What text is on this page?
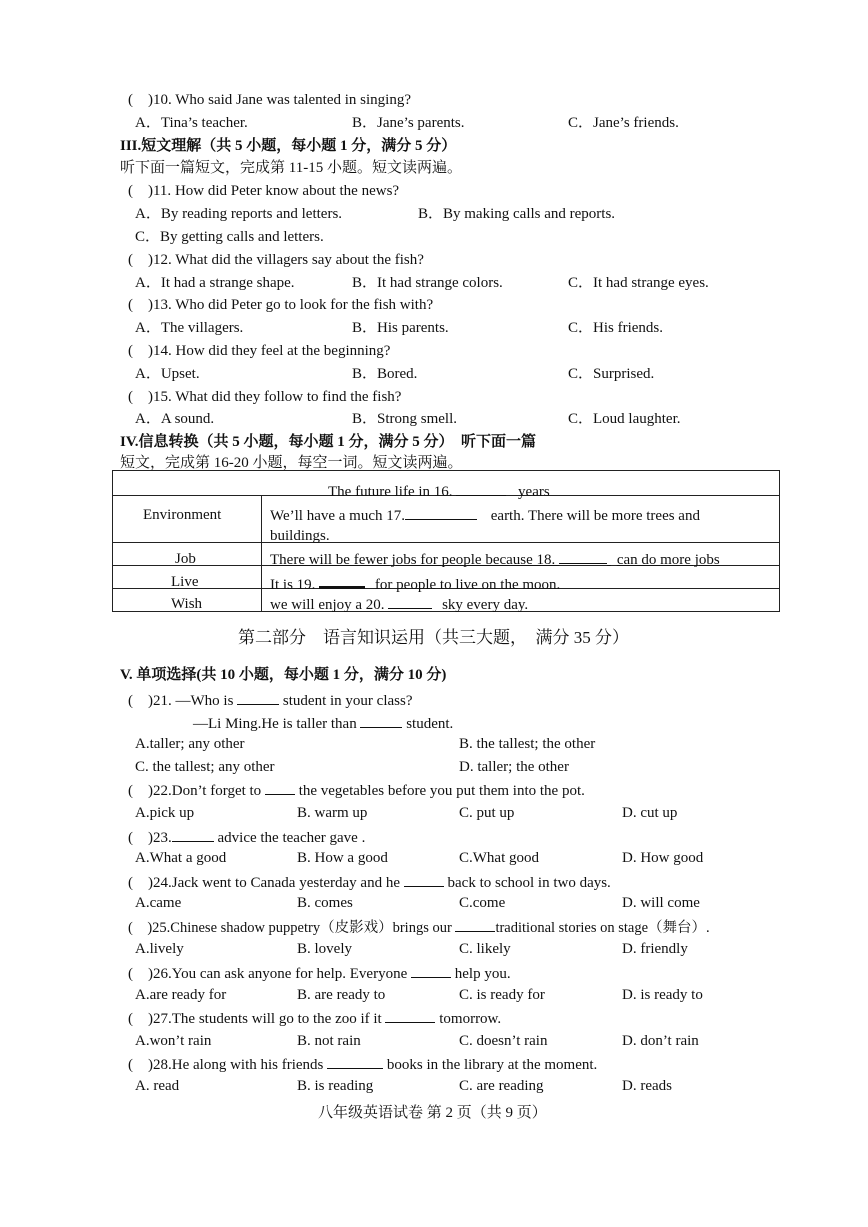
(　)10. Who said Jane was talented in singing?
A．Tina’s teacher.	B．Jane’s parents.	C．Jane’s friends.
III.短文理解（共 5 小题，每小题 1 分，满分 5 分）
听下面一篇短文，完成第 11-15 小题。短文读两遍。
(　)11. How did Peter know about the news?
A．By reading reports and letters.	B．By making calls and reports.
C．By getting calls and letters.
(　)12. What did the villagers say about the fish?
A．It had a strange shape.	B．It had strange colors.	C．It had strange eyes.
(　)13. Who did Peter go to look for the fish with?
A．The villagers.	B．His parents.	C．His friends.
(　)14. How did they feel at the beginning?
A．Upset.	B．Bored.	C．Surprised.
(　)15. What did they follow to find the fish?
A．A sound.	B．Strong smell.	C．Loud laughter.
IV.信息转换（共 5 小题，每小题 1 分，满分 5 分）　听下面一篇
短文，完成第 16-20 小题，每空一词。短文读两遍。
The future life in 16.	years
Environment	We’ll have a much 17.	earth. There will be more trees and
buildings.
Job	There will be fewer jobs for people because 18.	can do more jobs
Live	It is 19.	for people to live on the moon.
Wish	we will enjoy a 20.	sky every day.
第二部分　语言知识运用（共三大题，　满分 35 分）
V. 单项选择(共 10 小题，每小题 1 分，满分 10 分)
(　)21. —Who is	student in your class?
—Li Ming.He is taller than	student.
A.taller; any other	B. the tallest; the other
C. the tallest; any other	D. taller; the other
(　)22.Don’t forget to	the vegetables before you put them into the pot.
A.pick up	B. warm up	C. put up	D. cut up
(　)23.	advice the teacher gave .
A.What a good	B. How a good	C.What good	D. How good
(　)24.Jack went to Canada yesterday and he	back to school in two days.
A.came	B. comes	C.come	D. will come
(　)25.Chinese shadow puppetry（皮影戏）brings our	traditional stories on stage（舞台）.
A.lively	B. lovely	C. likely	D. friendly
(　)26.You can ask anyone for help. Everyone	help you.
A.are ready for	B. are ready to	C. is ready for	D. is ready to
(　)27.The students will go to the zoo if it	tomorrow.
A.won’t rain	B. not rain	C. doesn’t rain	D. don’t rain
(　)28.He along with his friends	books in the library at the moment.
A. read	B. is reading	C. are reading	D. reads
八年级英语试卷 第 2 页（共 9 页）
